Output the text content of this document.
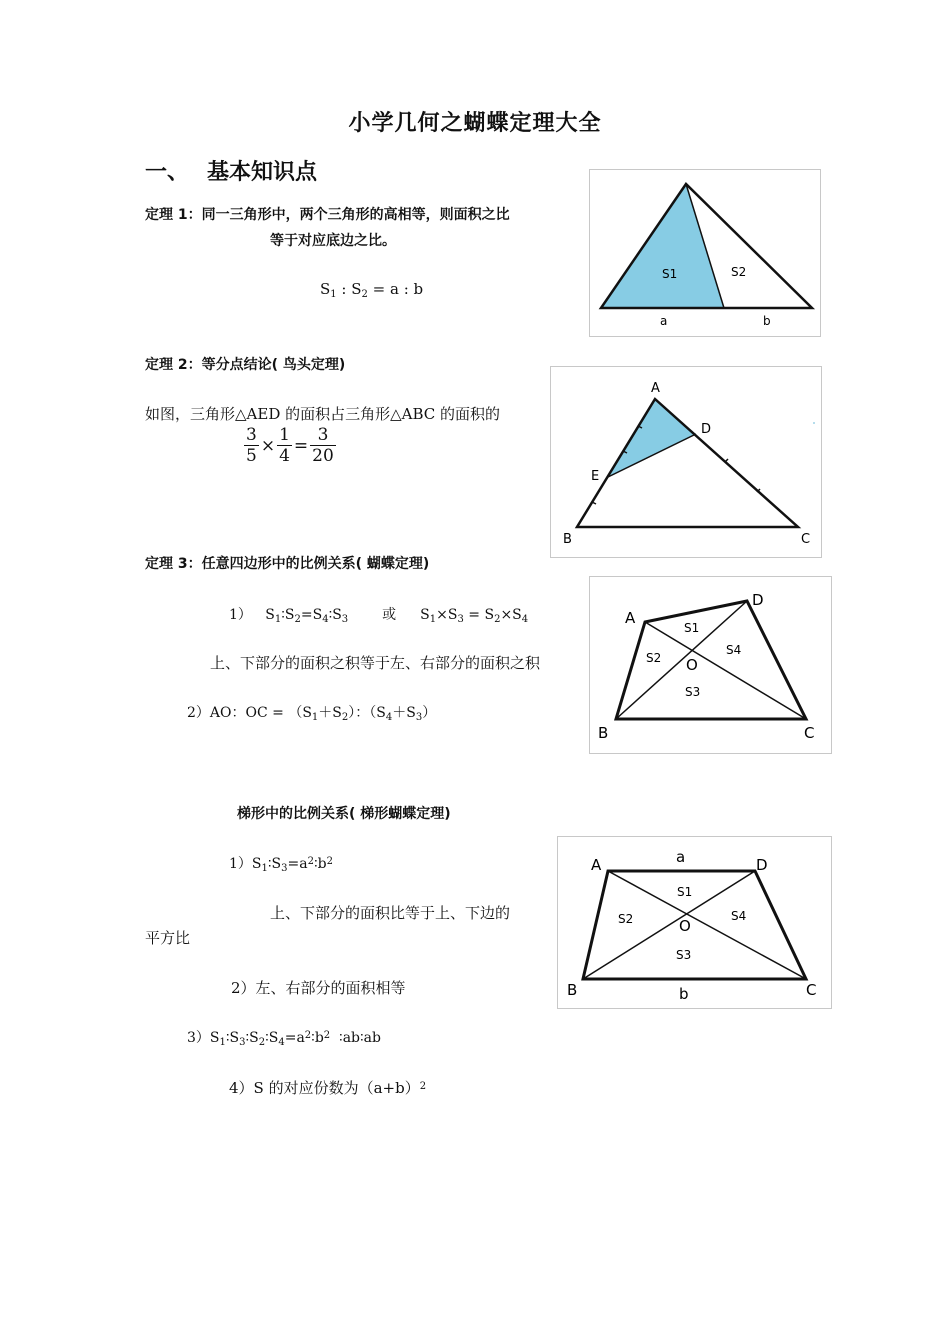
小学几何之蝴蝶定理大全
一、 基本知识点
定理 1：同一三角形中，两个三角形的高相等，则面积之比
等于对应底边之比。
$S_1$ : $S_2 = a$ : b
S1	S2
a	b
定理 2：等分点结论( 鸟头定理)
如图，三角形△AED 的面积占三角形△ABC 的面积的
$\frac{3}{5} \times \frac{1}{4} = \frac{3}{20}$
A
D
E
B	C
定理 3：任意四边形中的比例关系( 蝴蝶定理)
1）   $S_1∶S_2=S_4∶S_3$ 或 $S_1\times S_3 = S_2\times S_4$
上、下部分的面积之积等于左、右部分的面积之积
2）AO：OC = $(S_1+S_2)$：$(S_4+S_3)$
A
D
B	C
O
S1
S2
S3
S4
梯形中的比例关系( 梯形蝴蝶定理)
$1)S_1∶S_3=a^2∶b^2$
上、下部分的面积比等于上、下边的
平方比
2）左、右部分的面积相等
$3)S_1∶S_3∶S_2∶S_4=a^2∶b^2$  ∶ab∶ab
4）S 的对应份数为$(a+b)^2$
A	D
B	C
a
b
O
S1
S2
S3
S4
